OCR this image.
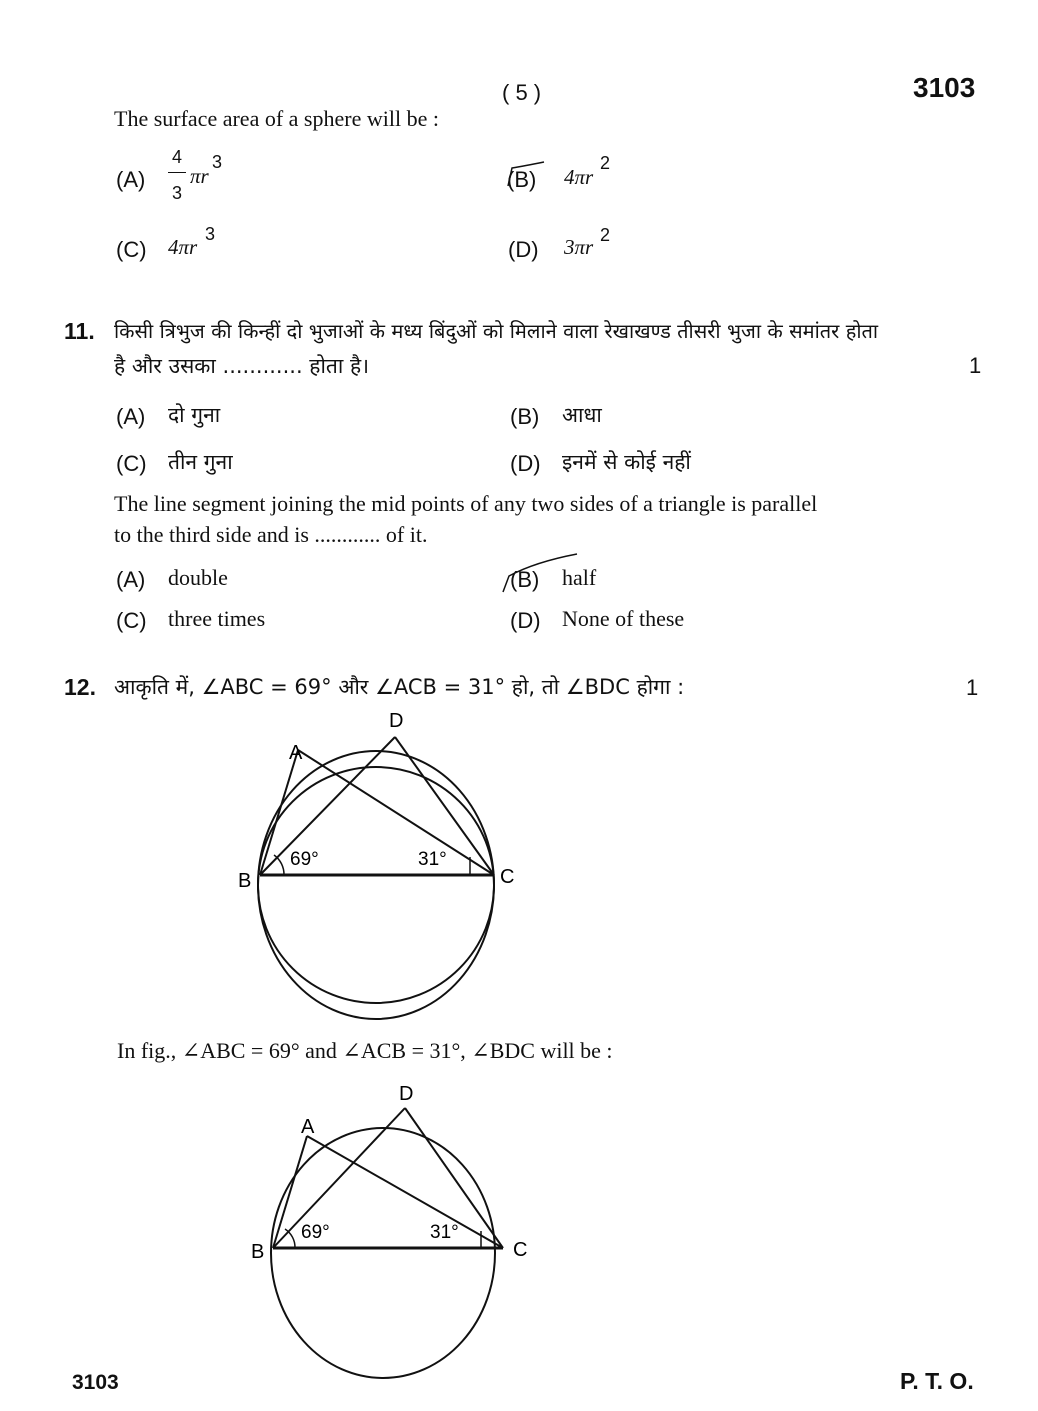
( 5 )	3103
The surface area of a sphere will be :
(A)
4
3
πr
3
(B) 4πr
2
(C) 4πr
3
(D) 3πr 2
11. किसी त्रिभुज की किन्हीं दो भुजाओं के मध्य बिंदुओं को मिलाने वाला रेखाखण्ड तीसरी भुजा के समांतर होता
है और उसका ............ होता है।	1
(A) दो गुना	(B) आधा
(C) तीन गुना	(D) इनमें से कोई नहीं
The line segment joining the mid points of any two sides of a triangle is parallel
to the third side and is ............ of it.
(A) double	(B) half
(C) three times	(D) None of these
12. आकृति में, ∠ABC = 69° और ∠ACB = 31° हो, तो ∠BDC होगा :	1
69°	31°
A
B	C
D
In fig., ∠ABC = 69° and ∠ACB = 31°, ∠BDC will be :
69°	31°
A
B	C
D
3103	P. T. O.
